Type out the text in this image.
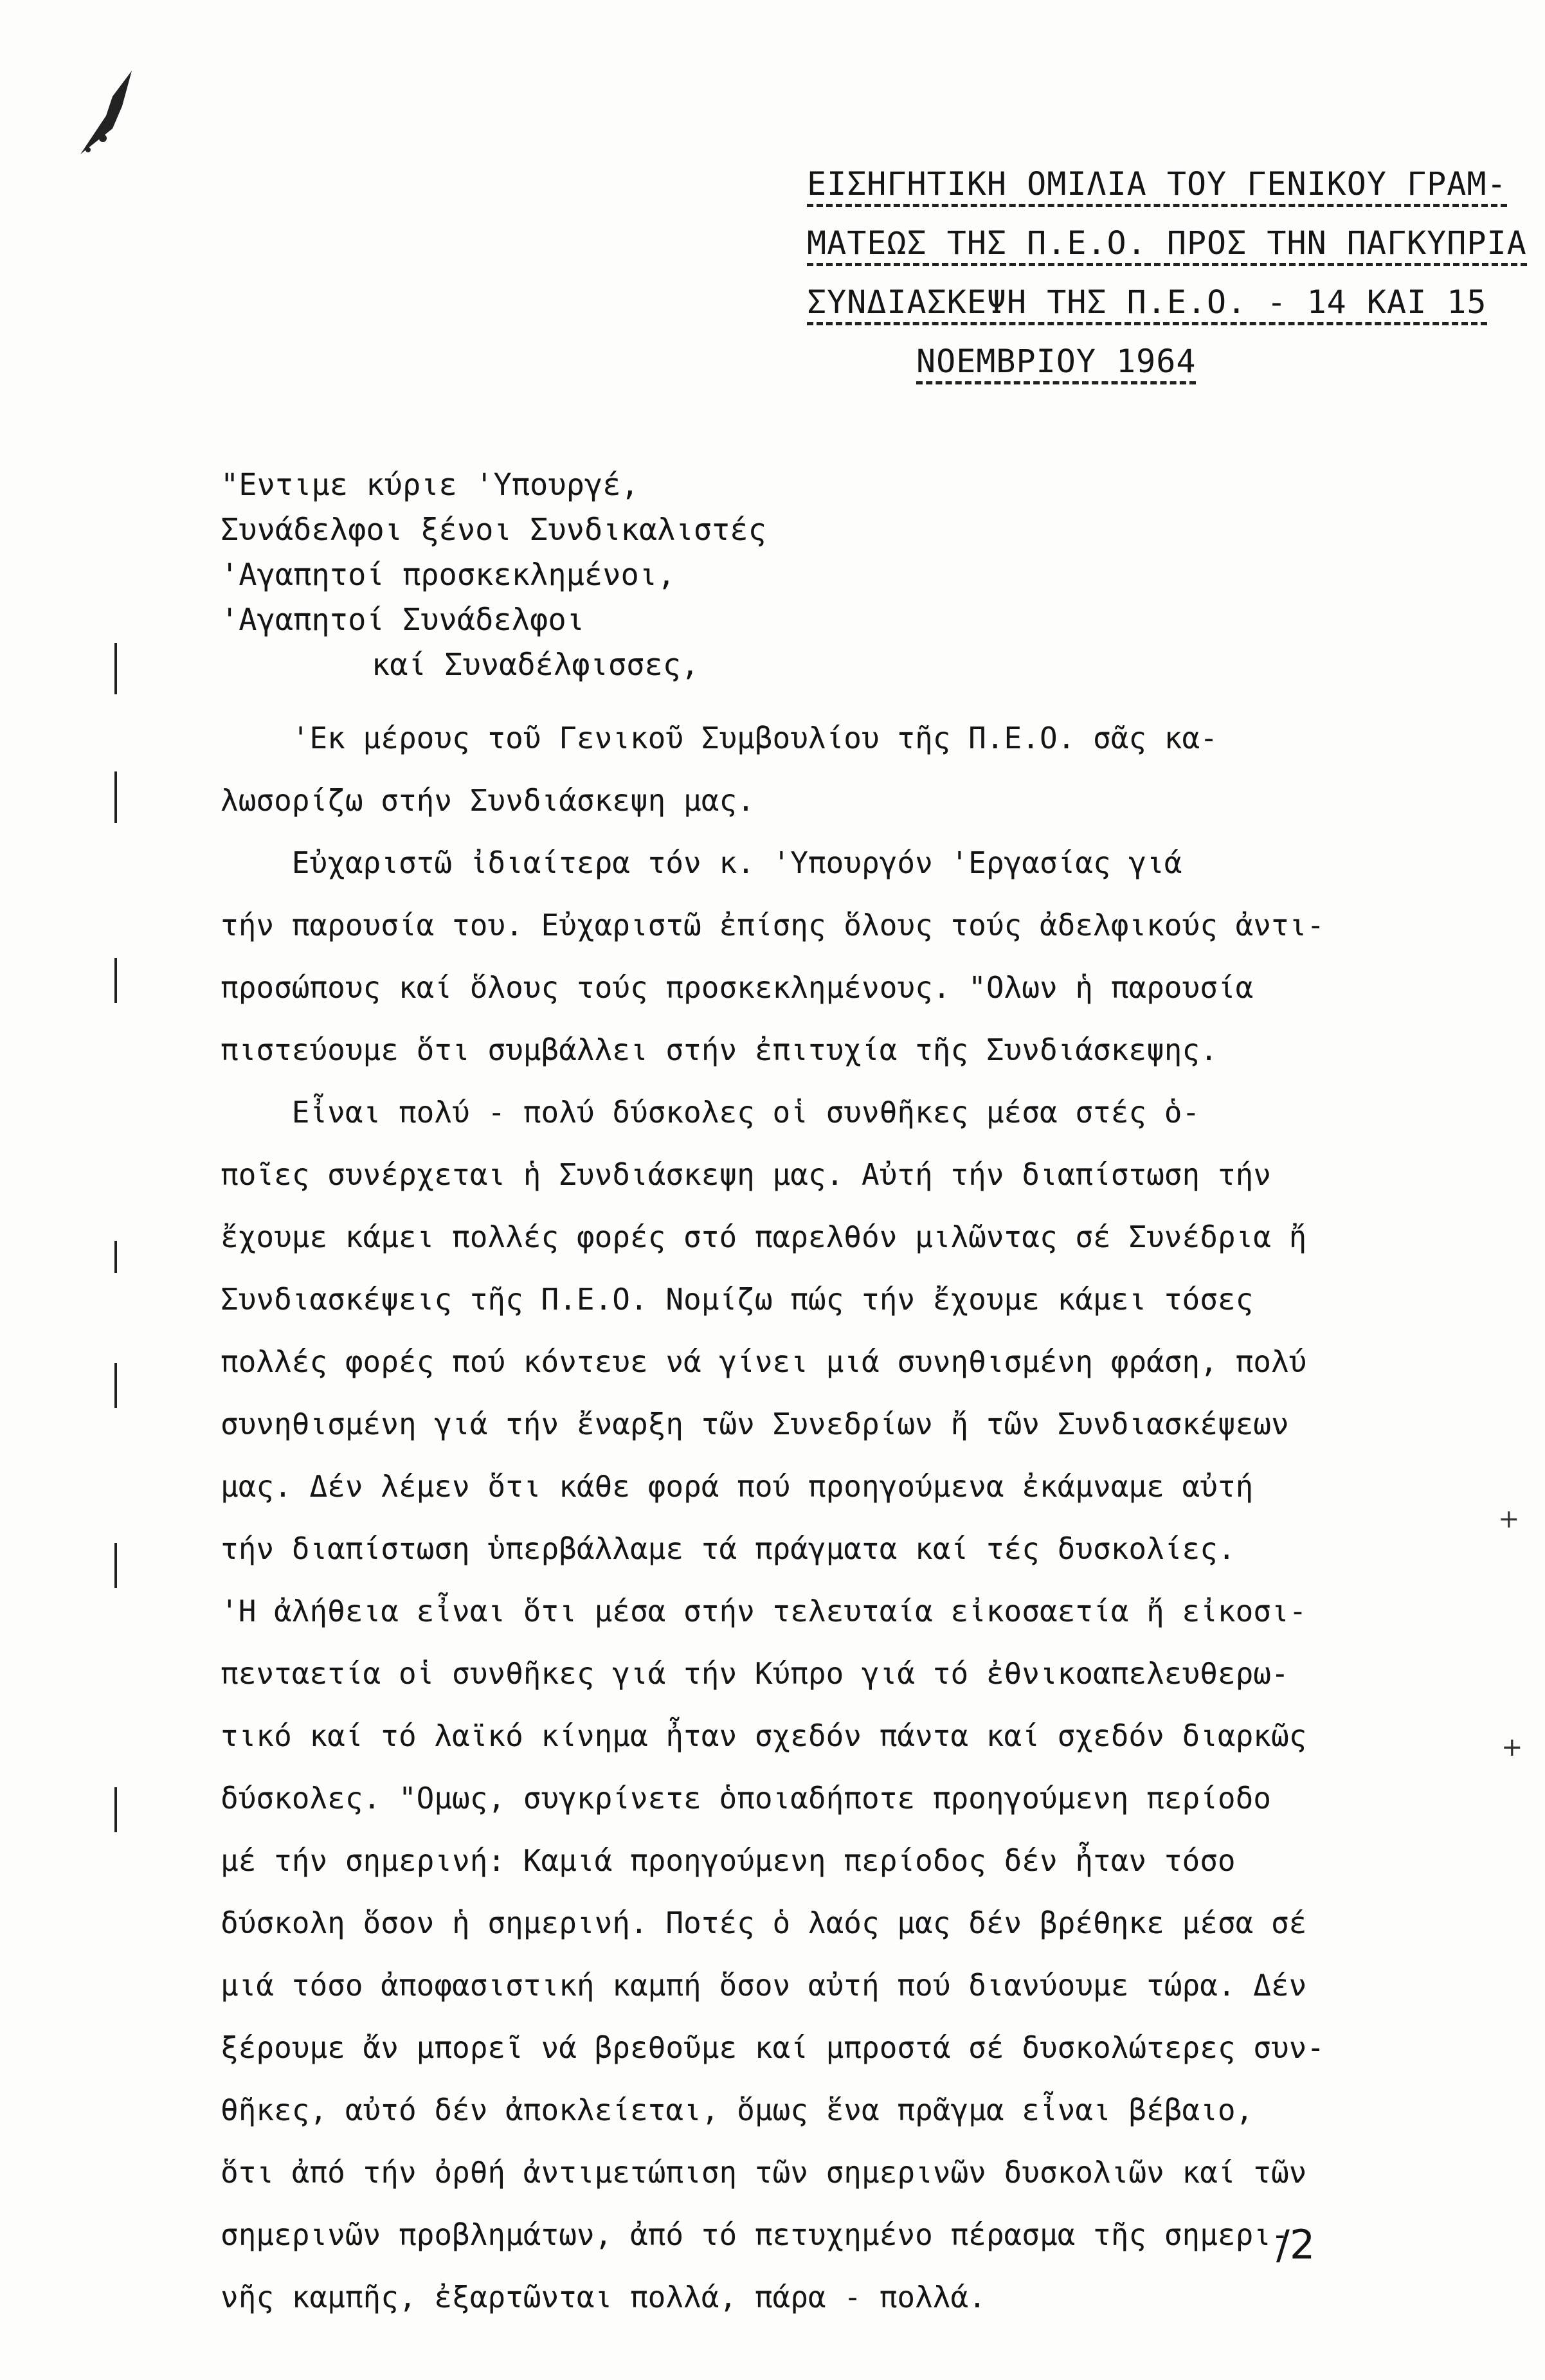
ΕΙΣΗΓΗΤΙΚΗ ΟΜΙΛΙΑ ΤΟΥ ΓΕΝΙΚΟΥ ΓΡΑΜ-
ΜΑΤΕΩΣ ΤΗΣ Π.Ε.Ο. ΠΡΟΣ ΤΗΝ ΠΑΓΚΥΠΡΙΑ
ΣΥΝΔΙΑΣΚΕΨΗ ΤΗΣ Π.Ε.Ο. - 14 ΚΑΙ 15
ΝΟΕΜΒΡΙΟΥ 1964
"Εντιμε κύριε 'Υπουργέ,
Συνάδελφοι ξένοι Συνδικαλιστές
'Αγαπητοί προσκεκλημένοι,
'Αγαπητοί Συνάδελφοι
καί Συναδέλφισσες,
'Εκ μέρους τοῦ Γενικοῦ Συμβουλίου τῆς Π.Ε.Ο. σᾶς κα-
λωσορίζω στήν Συνδιάσκεψη μας.
Εὐχαριστῶ ἰδιαίτερα τόν κ. 'Υπουργόν 'Εργασίας γιά
τήν παρουσία του. Εὐχαριστῶ ἐπίσης ὅλους τούς ἀδελφικούς ἀντι-
προσώπους καί ὅλους τούς προσκεκλημένους. "Ολων ἡ παρουσία
πιστεύουμε ὅτι συμβάλλει στήν ἐπιτυχία τῆς Συνδιάσκεψης.
Εἶναι πολύ - πολύ δύσκολες οἱ συνθῆκες μέσα στές ὁ-
ποῖες συνέρχεται ἡ Συνδιάσκεψη μας. Αὐτή τήν διαπίστωση τήν
ἔχουμε κάμει πολλές φορές στό παρελθόν μιλῶντας σέ Συνέδρια ἤ
Συνδιασκέψεις τῆς Π.Ε.Ο. Νομίζω πώς τήν ἔχουμε κάμει τόσες
πολλές φορές πού κόντευε νά γίνει μιά συνηθισμένη φράση, πολύ
συνηθισμένη γιά τήν ἔναρξη τῶν Συνεδρίων ἤ τῶν Συνδιασκέψεων
μας. Δέν λέμεν ὅτι κάθε φορά πού προηγούμενα ἐκάμναμε αὐτή
τήν διαπίστωση ὑπερβάλλαμε τά πράγματα καί τές δυσκολίες.
'Η ἀλήθεια εἶναι ὅτι μέσα στήν τελευταία εἰκοσαετία ἤ εἰκοσι-
πενταετία οἱ συνθῆκες γιά τήν Κύπρο γιά τό ἐθνικοαπελευθερω-
τικό καί τό λαϊκό κίνημα ἦταν σχεδόν πάντα καί σχεδόν διαρκῶς
δύσκολες. "Ομως, συγκρίνετε ὁποιαδήποτε προηγούμενη περίοδο
μέ τήν σημερινή: Καμιά προηγούμενη περίοδος δέν ἦταν τόσο
δύσκολη ὅσον ἡ σημερινή. Ποτές ὁ λαός μας δέν βρέθηκε μέσα σέ
μιά τόσο ἀποφασιστική καμπή ὅσον αὐτή πού διανύουμε τώρα. Δέν
ξέρουμε ἄν μπορεῖ νά βρεθοῦμε καί μπροστά σέ δυσκολώτερες συν-
θῆκες, αὐτό δέν ἀποκλείεται, ὅμως ἕνα πρᾶγμα εἶναι βέβαιο,
ὅτι ἀπό τήν ὀρθή ἀντιμετώπιση τῶν σημερινῶν δυσκολιῶν καί τῶν
σημερινῶν προβλημάτων, ἀπό τό πετυχημένο πέρασμα τῆς σημερι-
νῆς καμπῆς, ἐξαρτῶνται πολλά, πάρα - πολλά.
/2
+
+
